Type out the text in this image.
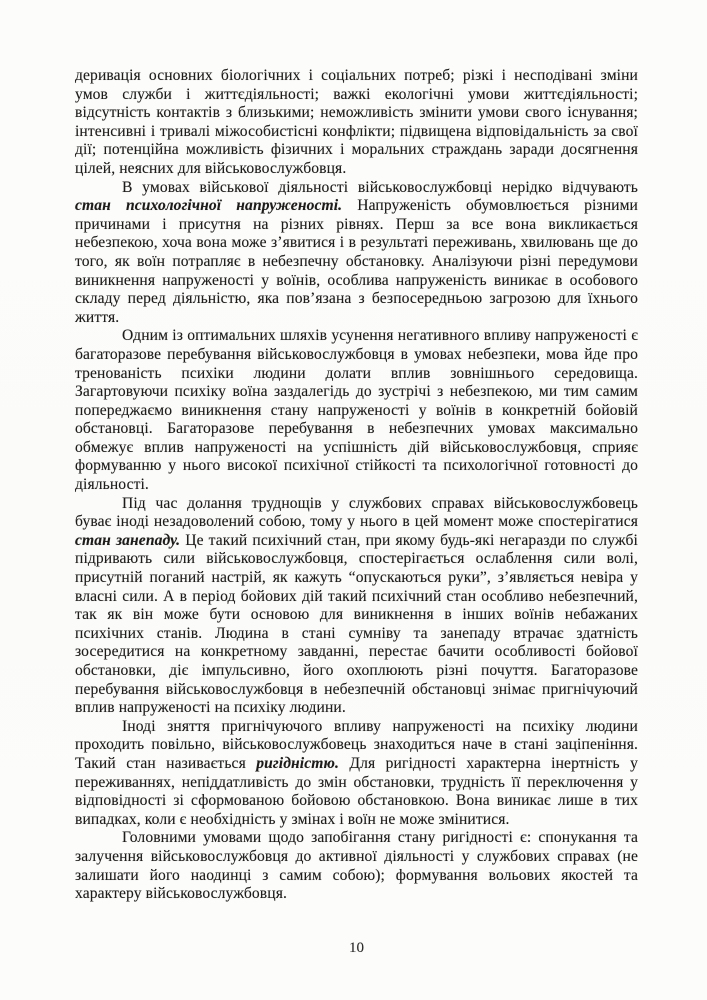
деривація основних біологічних і соціальних потреб; різкі і несподівані зміни умов служби і життєдіяльності; важкі екологічні умови життєдіяльності; відсутність контактів з близькими; неможливість змінити умови свого існування; інтенсивні і тривалі міжособистісні конфлікти; підвищена відповідальність за свої дії; потенційна можливість фізичних і моральних страждань заради досягнення цілей, неясних для військовослужбовця.

В умовах військової діяльності військовослужбовці нерідко відчувають стан психологічної напруженості. Напруженість обумовлюється різними причинами і присутня на різних рівнях. Перш за все вона викликається небезпекою, хоча вона може з’явитися і в результаті переживань, хвилювань ще до того, як воїн потрапляє в небезпечну обстановку. Аналізуючи різні передумови виникнення напруженості у воїнів, особлива напруженість виникає в особового складу перед діяльністю, яка пов’язана з безпосередньою загрозою для їхнього життя.

Одним із оптимальних шляхів усунення негативного впливу напруженості є багаторазове перебування військовослужбовця в умовах небезпеки, мова йде про тренованість психіки людини долати вплив зовнішнього середовища. Загартовуючи психіку воїна заздалегідь до зустрічі з небезпекою, ми тим самим попереджаємо виникнення стану напруженості у воїнів в конкретній бойовій обстановці. Багаторазове перебування в небезпечних умовах максимально обмежує вплив напруженості на успішність дій військовослужбовця, сприяє формуванню у нього високої психічної стійкості та психологічної готовності до діяльності.

Під час долання труднощів у службових справах військовослужбовець буває іноді незадоволений собою, тому у нього в цей момент може спостерігатися стан занепаду. Це такий психічний стан, при якому будь-які негаразди по службі підривають сили військовослужбовця, спостерігається ослаблення сили волі, присутній поганий настрій, як кажуть “опускаються руки”, з’являється невіра у власні сили. А в період бойових дій такий психічний стан особливо небезпечний, так як він може бути основою для виникнення в інших воїнів небажаних психічних станів. Людина в стані сумніву та занепаду втрачає здатність зосередитися на конкретному завданні, перестає бачити особливості бойової обстановки, діє імпульсивно, його охоплюють різні почуття. Багаторазове перебування військовослужбовця в небезпечній обстановці знімає пригнічуючий вплив напруженості на психіку людини.

Іноді зняття пригнічуючого впливу напруженості на психіку людини проходить повільно, військовослужбовець знаходиться наче в стані заціпеніння. Такий стан називається ригідністю. Для ригідності характерна інертність у переживаннях, непіддатливість до змін обстановки, трудність її переключення у відповідності зі сформованою бойовою обстановкою. Вона виникає лише в тих випадках, коли є необхідність у змінах і воїн не може змінитися.

Головними умовами щодо запобігання стану ригідності є: спонукання та залучення військовослужбовця до активної діяльності у службових справах (не залишати його наодинці з самим собою); формування вольових якостей та характеру військовослужбовця.

10
